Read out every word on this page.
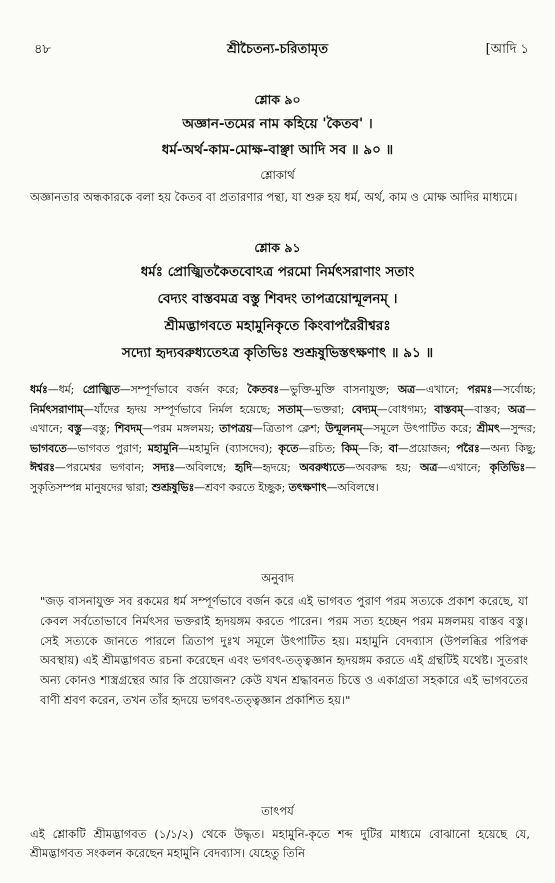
৪৮	শ্রীচৈতন্য-চরিতামৃত	[আদি ১
শ্লোক ৯০
অজ্ঞান-তমের নাম কহিয়ে 'কৈতব' ।
ধর্ম-অর্থ-কাম-মোক্ষ-বাঞ্ছা আদি সব ॥ ৯০ ॥
শ্লোকার্থ
অজ্ঞানতার অন্ধকারকে বলা হয় কৈতব বা প্রতারণার পন্থা, যা শুরু হয় ধর্ম, অর্থ, কাম ও মোক্ষ আদির মাধ্যমে।
শ্লোক ৯১
ধর্মঃ প্রোজ্ঝিতকৈতবোঽত্র পরমো নির্মৎসরাণাং সতাং
বেদ্যং বাস্তবমত্র বস্তু শিবদং তাপত্রয়োন্মূলনম্ ।
শ্রীমদ্ভাগবতে মহামুনিকৃতে কিংবাপরৈরীশ্বরঃ
সদ্যো হৃদ্যবরুধ্যতেঽত্র কৃতিভিঃ শুশ্রূষুভিস্তৎক্ষণাৎ ॥ ৯১ ॥
ধর্মঃ—ধর্ম; প্রোজ্ঝিত—সম্পূর্ণভাবে বর্জন করে; কৈতবঃ—ভুক্তি-মুক্তি বাসনাযুক্ত; অত্র—এখানে; পরমঃ—সর্বোচ্চ; নির্মৎসরাণাম্—যাঁদের হৃদয় সম্পূর্ণভাবে নির্মল হয়েছে; সতাম্—ভক্তরা; বেদ্যম্—বোধগম্য; বাস্তবম্—বাস্তব; অত্র—এখানে; বস্তু—বস্তু; শিবদম্—পরম মঙ্গলময়; তাপত্রয়—ত্রিতাপ ক্লেশ; উন্মূলনম্—সমূলে উৎপাটিত করে; শ্রীমৎ—সুন্দর; ভাগবতে—ভাগবত পুরাণ; মহামুনি—মহামুনি (ব্যাসদেব); কৃতে—রচিত; কিম্—কি; বা—প্রয়োজন; পরৈঃ—অন্য কিছু; ঈশ্বরঃ—পরমেশ্বর ভগবান; সদ্যঃ—অবিলম্বে; হৃদি—হৃদয়ে; অবরুধ্যতে—অবরুদ্ধ হয়; অত্র—এখানে; কৃতিভিঃ—সুকৃতিসম্পন্ন মানুষদের দ্বারা; শুশ্রূষুভিঃ—শ্রবণ করতে ইচ্ছুক; তৎক্ষণাৎ—অবিলম্বে।
অনুবাদ
"জড় বাসনাযুক্ত সব রকমের ধর্ম সম্পূর্ণভাবে বর্জন করে এই ভাগবত পুরাণ পরম সত্যকে প্রকাশ করেছে, যা কেবল সর্বতোভাবে নির্মৎসর ভক্তরাই হৃদয়ঙ্গম করতে পারেন। পরম সত্য হচ্ছেন পরম মঙ্গলময় বাস্তব বস্তু। সেই সত্যকে জানতে পারলে ত্রিতাপ দুঃখ সমূলে উৎপাটিত হয়। মহামুনি বেদব্যাস (উপলব্ধির পরিপক্ব অবস্থায়) এই শ্রীমদ্ভাগবত রচনা করেছেন এবং ভগবৎ-তত্ত্বজ্ঞান হৃদয়ঙ্গম করতে এই গ্রন্থটিই যথেষ্ট। সুতরাং অন্য কোনও শাস্ত্রগ্রন্থের আর কি প্রয়োজন? কেউ যখন শ্রদ্ধাবনত চিত্তে ও একাগ্রতা সহকারে এই ভাগবতের বাণী শ্রবণ করেন, তখন তাঁর হৃদয়ে ভগবৎ-তত্ত্বজ্ঞান প্রকাশিত হয়।"
তাৎপর্য
এই শ্লোকটি শ্রীমদ্ভাগবত (১/১/২) থেকে উদ্ধৃত। মহামুনি-কৃতে শব্দ দুটির মাধ্যমে বোঝানো হয়েছে যে, শ্রীমদ্ভাগবত সংকলন করেছেন মহামুনি বেদব্যাস। যেহেতু তিনি
